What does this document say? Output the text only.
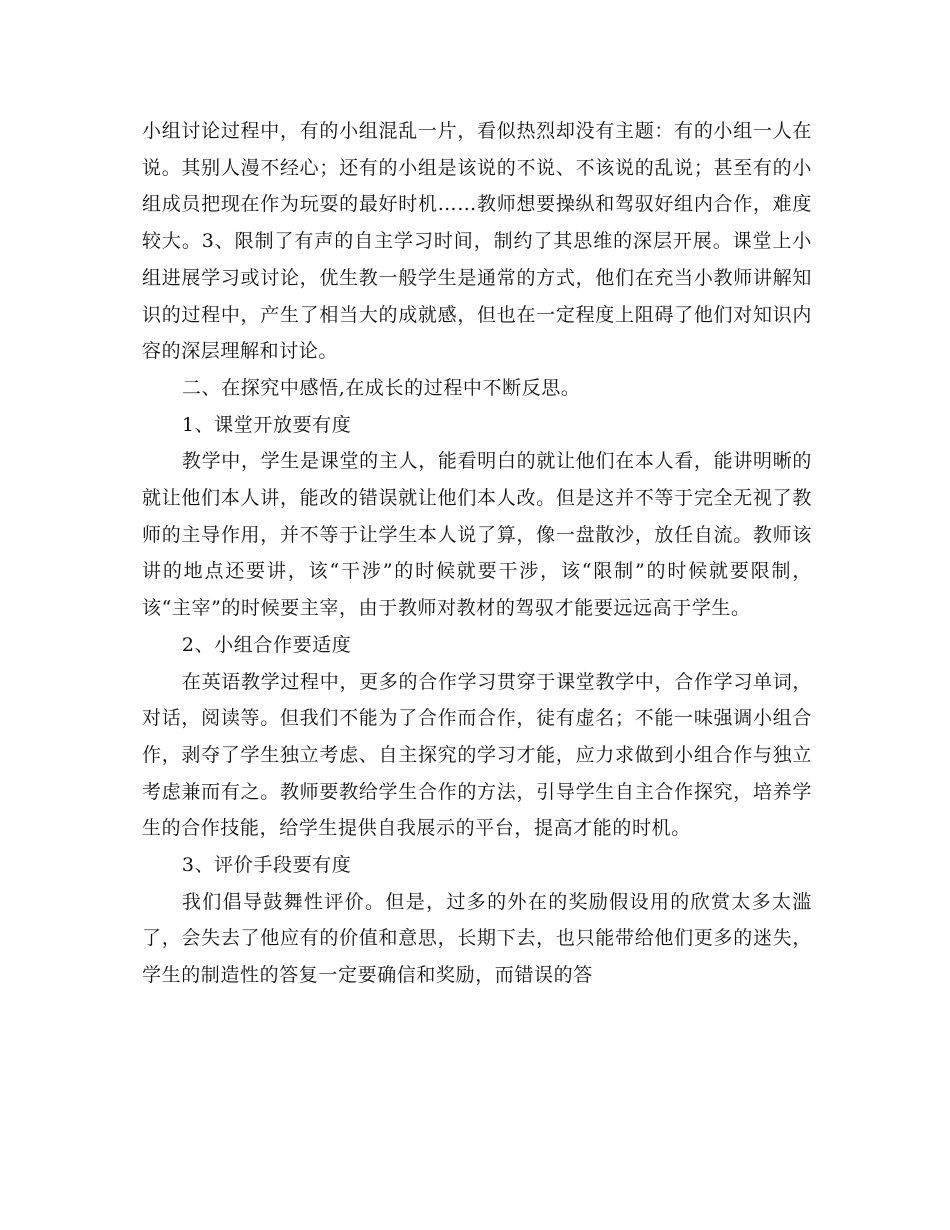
小组讨论过程中，有的小组混乱一片，看似热烈却没有主题：有的小组一人在说。其别人漫不经心；还有的小组是该说的不说、不该说的乱说；甚至有的小组成员把现在作为玩耍的最好时机……教师想要操纵和驾驭好组内合作，难度较大。3、限制了有声的自主学习时间，制约了其思维的深层开展。课堂上小组进展学习或讨论，优生教一般学生是通常的方式，他们在充当小教师讲解知识的过程中，产生了相当大的成就感，但也在一定程度上阻碍了他们对知识内容的深层理解和讨论。

二、在探究中感悟,在成长的过程中不断反思。

1、课堂开放要有度

教学中，学生是课堂的主人，能看明白的就让他们在本人看，能讲明晰的就让他们本人讲，能改的错误就让他们本人改。但是这并不等于完全无视了教师的主导作用，并不等于让学生本人说了算，像一盘散沙，放任自流。教师该讲的地点还要讲，该“干涉”的时候就要干涉，该“限制”的时候就要限制，该“主宰”的时候要主宰，由于教师对教材的驾驭才能要远远高于学生。

2、小组合作要适度

在英语教学过程中，更多的合作学习贯穿于课堂教学中，合作学习单词，对话，阅读等。但我们不能为了合作而合作，徒有虚名；不能一味强调小组合作，剥夺了学生独立考虑、自主探究的学习才能，应力求做到小组合作与独立考虑兼而有之。教师要教给学生合作的方法，引导学生自主合作探究，培养学生的合作技能，给学生提供自我展示的平台，提高才能的时机。

3、评价手段要有度

我们倡导鼓舞性评价。但是，过多的外在的奖励假设用的欣赏太多太滥了，会失去了他应有的价值和意思，长期下去，也只能带给他们更多的迷失，学生的制造性的答复一定要确信和奖励，而错误的答
